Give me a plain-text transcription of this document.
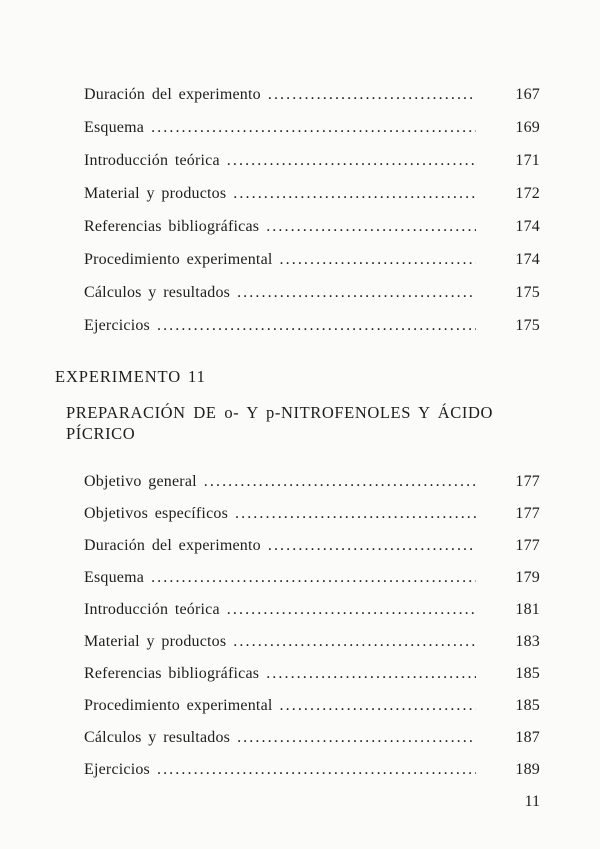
Duración del experimento .....	167
Esquema .....	169
Introducción teórica .....	171
Material y productos .....	172
Referencias bibliográficas .....	174
Procedimiento experimental .....	174
Cálculos y resultados .....	175
Ejercicios .....	175
EXPERIMENTO 11
PREPARACIÓN DE o- Y p-NITROFENOLES Y ÁCIDO PÍCRICO
Objetivo general .....	177
Objetivos específicos .....	177
Duración del experimento .....	177
Esquema .....	179
Introducción teórica .....	181
Material y productos .....	183
Referencias bibliográficas .....	185
Procedimiento experimental .....	185
Cálculos y resultados .....	187
Ejercicios .....	189
11
